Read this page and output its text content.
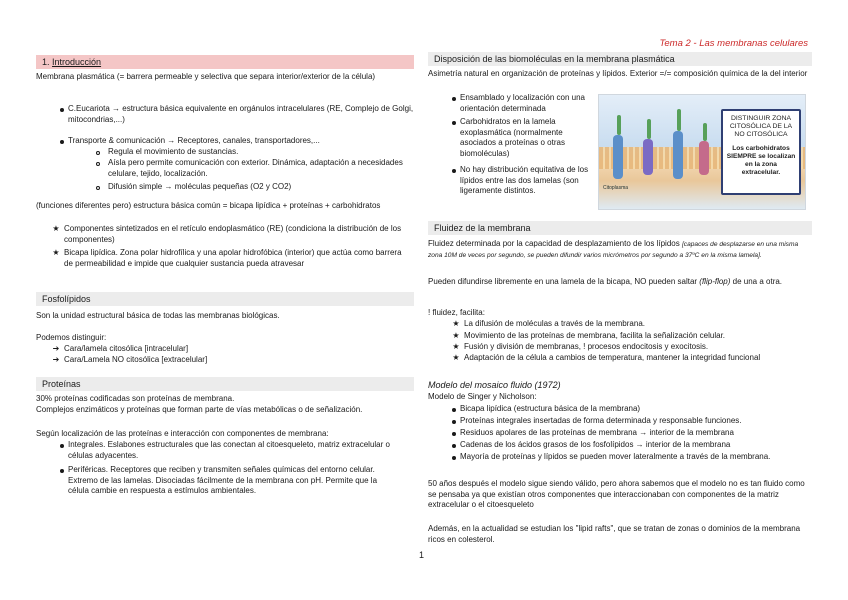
Tema 2 - Las membranas celulares
1. Introducción

Membrana plasmática (= barrera permeable y selectiva que separa interior/exterior de la célula)

C.Eucariota → estructura básica equivalente en orgánulos intracelulares (RE, Complejo de Golgi, mitocondrias,...)
Transporte & comunicación → Receptores, canales, transportadores,...
Regula el movimiento de sustancias.
Aísla pero permite comunicación con exterior. Dinámica, adaptación a necesidades celulare, tejido, localización.
Difusión simple → moléculas pequeñas (O2 y CO2)

(funciones diferentes pero) estructura básica común = bicapa lipídica + proteínas + carbohidratos

★ Componentes sintetizados en el retículo endoplasmático (RE) (condiciona la distribución de los componentes)
★ Bicapa lipídica. Zona polar hidrofílica y una apolar hidrofóbica (interior) que actúa como barrera de permeabilidad e impide que cualquier sustancia pueda atravesar
Fosfolípidos

Son la unidad estructural básica de todas las membranas biológicas.

Podemos distinguir:

➔ Cara/lamela citosólica [intracelular]
➔ Cara/Lamela NO citosólica [extracelular]
Proteínas

30% proteínas codificadas son proteínas de membrana.

Complejos enzimáticos y proteínas que forman parte de vías metabólicas o de señalización.

Según localización de las proteínas e interacción con componentes de membrana:

Integrales. Eslabones estructurales que las conectan al citoesqueleto, matriz extracelular o células adyacentes.
Periféricas. Receptores que reciben y transmiten señales químicas del entorno celular. Extremo de las lamelas. Disociadas fácilmente de la membrana con pH. Permite que la célula cambie en respuesta a estímulos ambientales.
1
Disposición de las biomoléculas en la membrana plasmática

Asimetría natural en organización de proteínas y lípidos. Exterior =/= composición química de la del interior

Ensamblado y localización con una orientación determinada
Carbohidratos en la lamela exoplasmática (normalmente asociados a proteínas o otras biomoléculas)
No hay distribución equitativa de los lípidos entre las dos lamelas (son ligeramente distintos.	Citoplasma
DISTINGUIR ZONA CITOSÓLICA DE LA NO CITOSÓLICA
Los carbohidratos SIEMPRE se localizan en la zona extracelular.
Fluidez de la membrana

Fluidez determinada por la capacidad de desplazamiento de los lípidos [capaces de desplazarse en una misma zona 10M de veces por segundo, se pueden difundir varios micrómetros por segundo a 37ºC en la misma lamela].

Pueden difundirse libremente en una lamela de la bicapa, NO pueden saltar (flip-flop) de una a otra.

! fluidez, facilita:

★ La difusión de moléculas a través de la membrana.
★ Movimiento de las proteínas de membrana, facilita la señalización celular.
★ Fusión y división de membranas, ! procesos endocitosis y exocitosis.
★ Adaptación de la célula a cambios de temperatura, mantener la integridad funcional

Modelo del mosaico fluido (1972)

Modelo de Singer y Nicholson:

Bicapa lipídica (estructura básica de la membrana)
Proteínas integrales insertadas de forma determinada y responsable funciones.
Residuos apolares de las proteínas de membrana → interior de la membrana
Cadenas de los ácidos grasos de los fosfolípidos → interior de la membrana
Mayoría de proteínas y lípidos se pueden mover lateralmente a través de la membrana.

50 años después el modelo sigue siendo válido, pero ahora sabemos que el modelo no es tan fluido como se pensaba ya que existían otros componentes que interaccionaban con componentes de la matriz extracelular o el citoesqueleto

Además, en la actualidad se estudian los "lipid rafts", que se tratan de zonas o dominios de la membrana ricos en colesterol.
